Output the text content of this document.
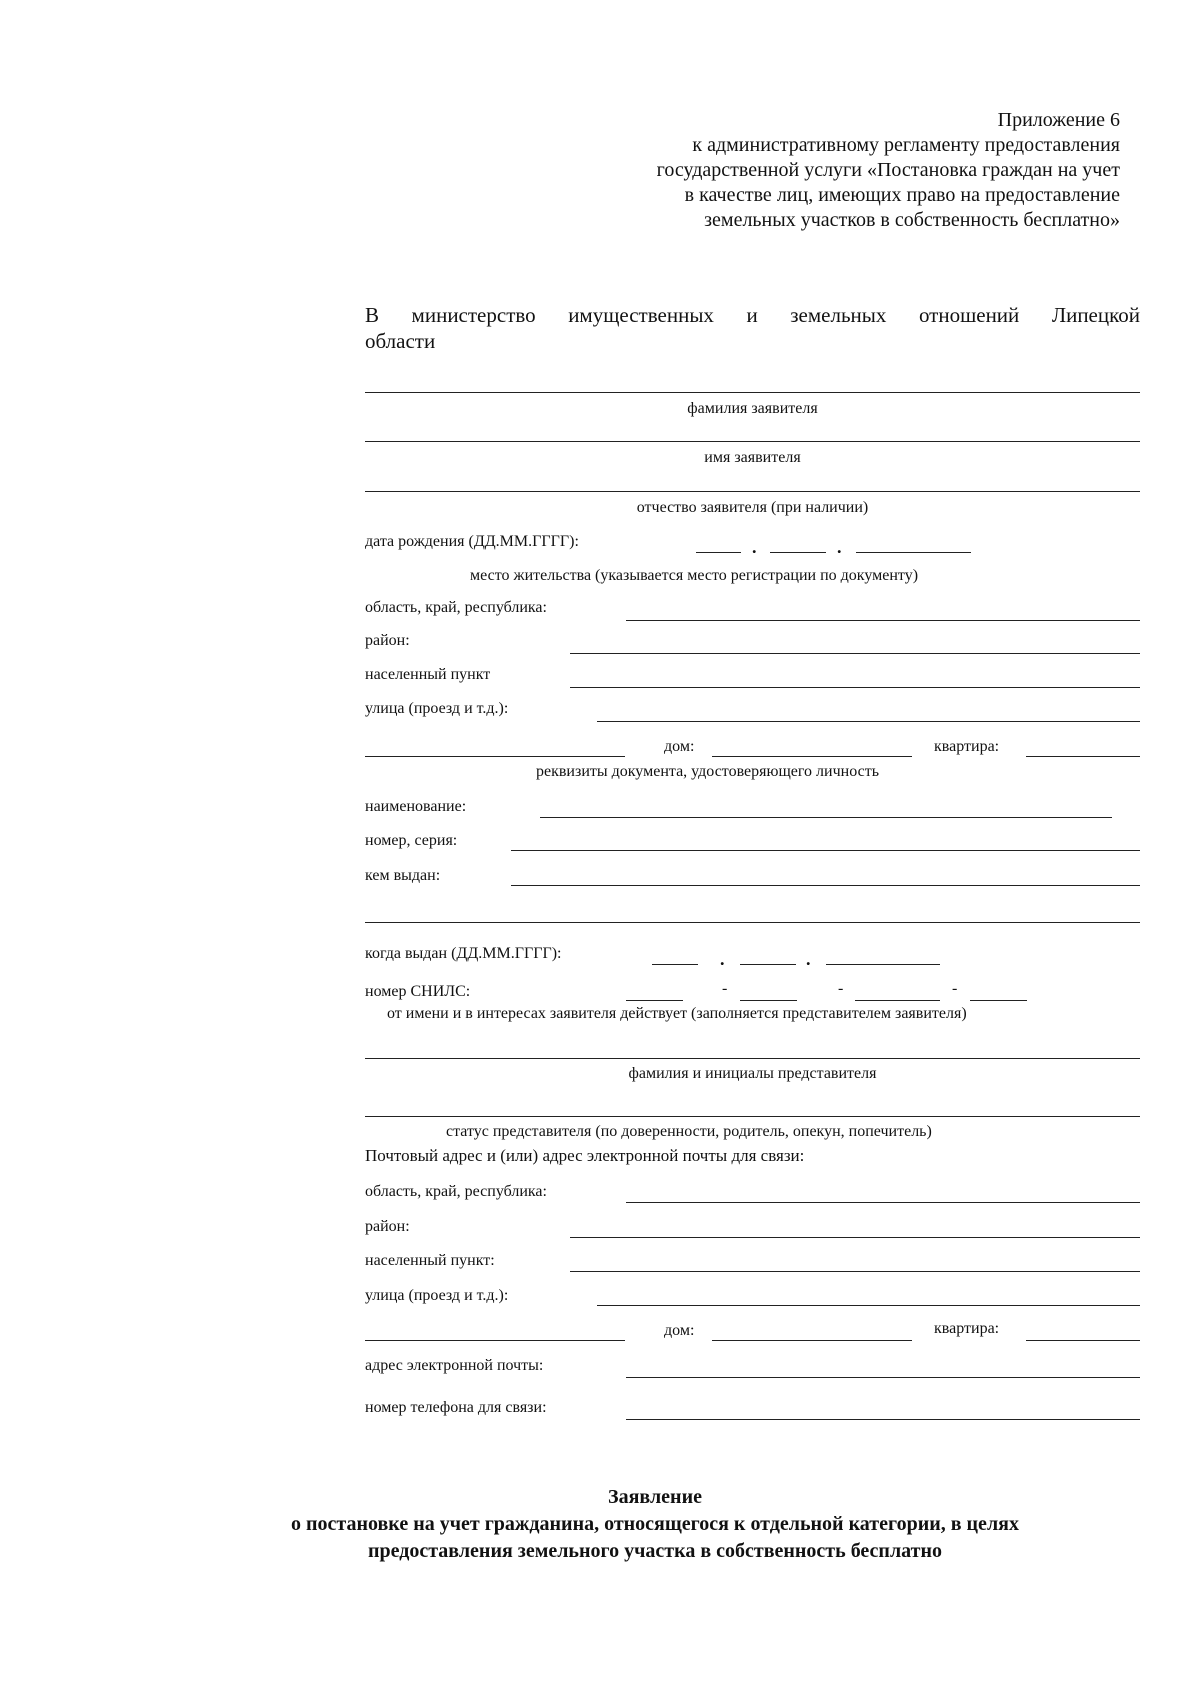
Приложение 6
к административному регламенту предоставления
государственной услуги «Постановка граждан на учет
в качестве лиц, имеющих право на предоставление
земельных участков в собственность бесплатно»
В министерство имущественных и земельных отношений Липецкой
области
фамилия заявителя
имя заявителя
отчество заявителя (при наличии)
дата рождения (ДД.ММ.ГГГГ):	.	.
место жительства (указывается место регистрации по документу)
область, край, республика:
район:
населенный пункт
улица (проезд и т.д.):
дом:	квартира:
реквизиты документа, удостоверяющего личность
наименование:
номер, серия:
кем выдан:
когда выдан (ДД.ММ.ГГГГ):	.	.
номер СНИЛС:	-	-	-
от имени и в интересах заявителя действует (заполняется представителем заявителя)
фамилия и инициалы представителя
статус представителя (по доверенности, родитель, опекун, попечитель)
Почтовый адрес и (или) адрес электронной почты для связи:
область, край, республика:
район:
населенный пункт:
улица (проезд и т.д.):
дом:	квартира:
адрес электронной почты:
номер телефона для связи:
Заявление
о постановке на учет гражданина, относящегося к отдельной категории, в целях
предоставления земельного участка в собственность бесплатно
